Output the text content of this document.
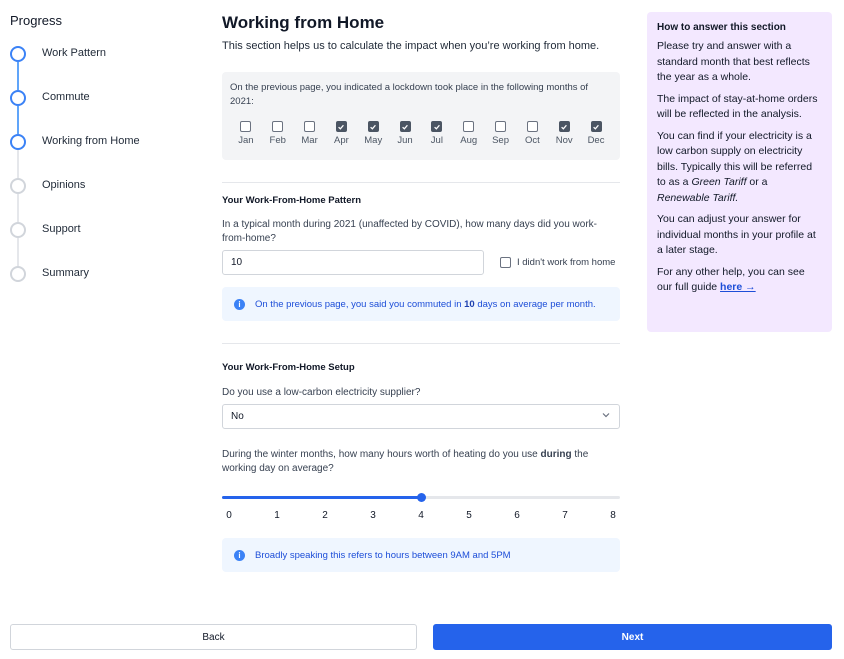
Progress
Work Pattern
Commute
Working from Home
Opinions
Support
Summary
Working from Home
This section helps us to calculate the impact when you’re working from home.
On the previous page, you indicated a lockdown took place in the following months of 2021:
Jan Feb Mar Apr May Jun Jul Aug Sep Oct Nov Dec
Your Work-From-Home Pattern
In a typical month during 2021 (unaffected by COVID), how many days did you work-from-home?
10
I didn't work from home
i	On the previous page, you said you commuted in 10 days on average per month.
Your Work-From-Home Setup
Do you use a low-carbon electricity supplier?
No
During the winter months, how many hours worth of heating do you use during the working day on average?
0	1	2	3	4	5	6	7	8
i	Broadly speaking this refers to hours between 9AM and 5PM
How to answer this section

Please try and answer with a standard month that best reflects the year as a whole.

The impact of stay-at-home orders will be reflected in the analysis.

You can find if your electricity is a low carbon supply on electricity bills. Typically this will be referred to as a Green Tariff or a Renewable Tariff.

You can adjust your answer for individual months in your profile at a later stage.

For any other help, you can see our full guide here →

Back	Next
